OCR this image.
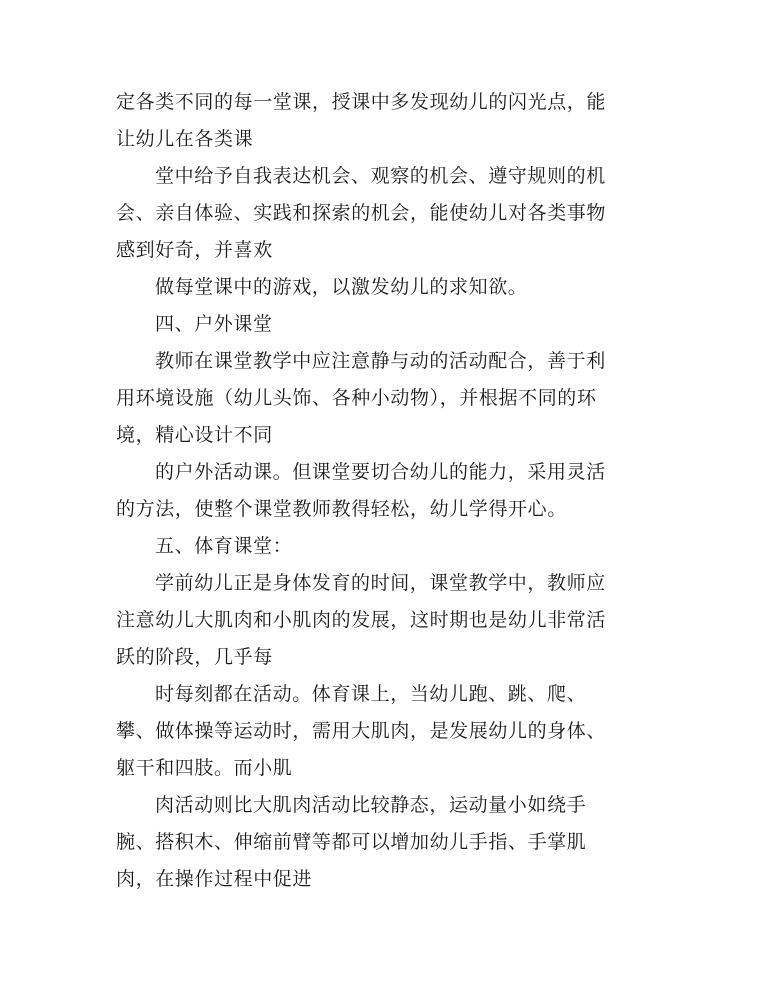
定各类不同的每一堂课，授课中多发现幼儿的闪光点，能
让幼儿在各类课
堂中给予自我表达机会、观察的机会、遵守规则的机
会、亲自体验、实践和探索的机会，能使幼儿对各类事物
感到好奇，并喜欢
做每堂课中的游戏，以激发幼儿的求知欲。
四、户外课堂
教师在课堂教学中应注意静与动的活动配合，善于利
用环境设施（幼儿头饰、各种小动物），并根据不同的环
境，精心设计不同
的户外活动课。但课堂要切合幼儿的能力，采用灵活
的方法，使整个课堂教师教得轻松，幼儿学得开心。
五、体育课堂：
学前幼儿正是身体发育的时间，课堂教学中，教师应
注意幼儿大肌肉和小肌肉的发展，这时期也是幼儿非常活
跃的阶段，几乎每
时每刻都在活动。体育课上，当幼儿跑、跳、爬、
攀、做体操等运动时，需用大肌肉，是发展幼儿的身体、
躯干和四肢。而小肌
肉活动则比大肌肉活动比较静态，运动量小如绕手
腕、搭积木、伸缩前臂等都可以增加幼儿手指、手掌肌
肉，在操作过程中促进
